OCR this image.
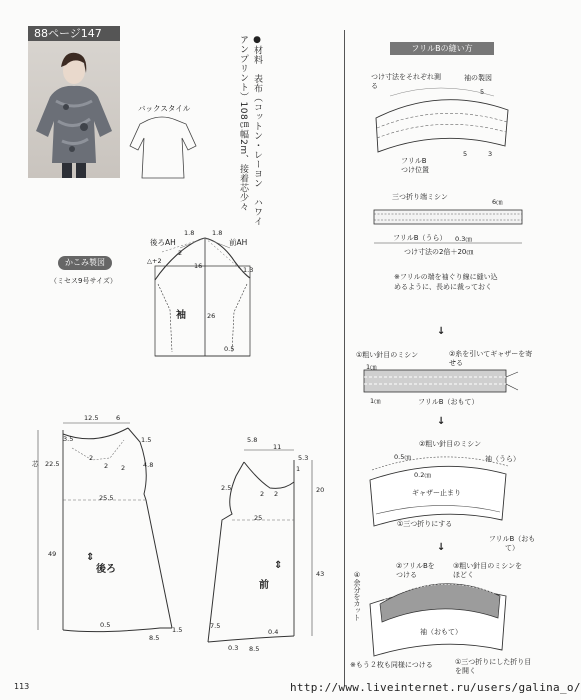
88ページ147
バックスタイル	●材料　表布（コットン・レーヨン　ハワイアンプリント）108㎝幅2m、接着芯少々
かこみ製図
（ミセス9号サイズ）
後ろAH	前AH
1.8	1.8
2
16	1.3
△+2
袖	26
0.5
12.5	6
3.5	1.5
2
2 2	4.8
22.5
芯
25.5
49
後ろ
⇕
0.5
8.5
1.5
5.8
11
5.3
1
2 2
2.5	20
25
43
前
⇕
7.5
0.3 8.5
0.4
フリルBの縫い方
つけ寸法をそれぞれ測る
袖の製図
5
5	3
フリルB
つけ位置
三つ折り端ミシン
6㎝
フリルB（うら） 0.3㎝
つけ寸法の2倍＋20㎝
※フリルの端を袖ぐり線に縫い込めるように、長めに裁っておく
↓
①粗い針目のミシン	②糸を引いてギャザーを寄せる
1㎝
1㎝	フリルB（おもて）
↓
②粗い針目のミシン
0.5㎝
0.2㎝
袖（うら）
ギャザー止まり
①三つ折りにする
↓
フリルB（おもて）
②フリルBをつける
③粗い針目のミシンをほどく
④余分をカット
袖（おもて）
※もう２枚も同様につける	①三つ折りにした折り目を開く
113	http://www.liveinternet.ru/users/galina_o/
